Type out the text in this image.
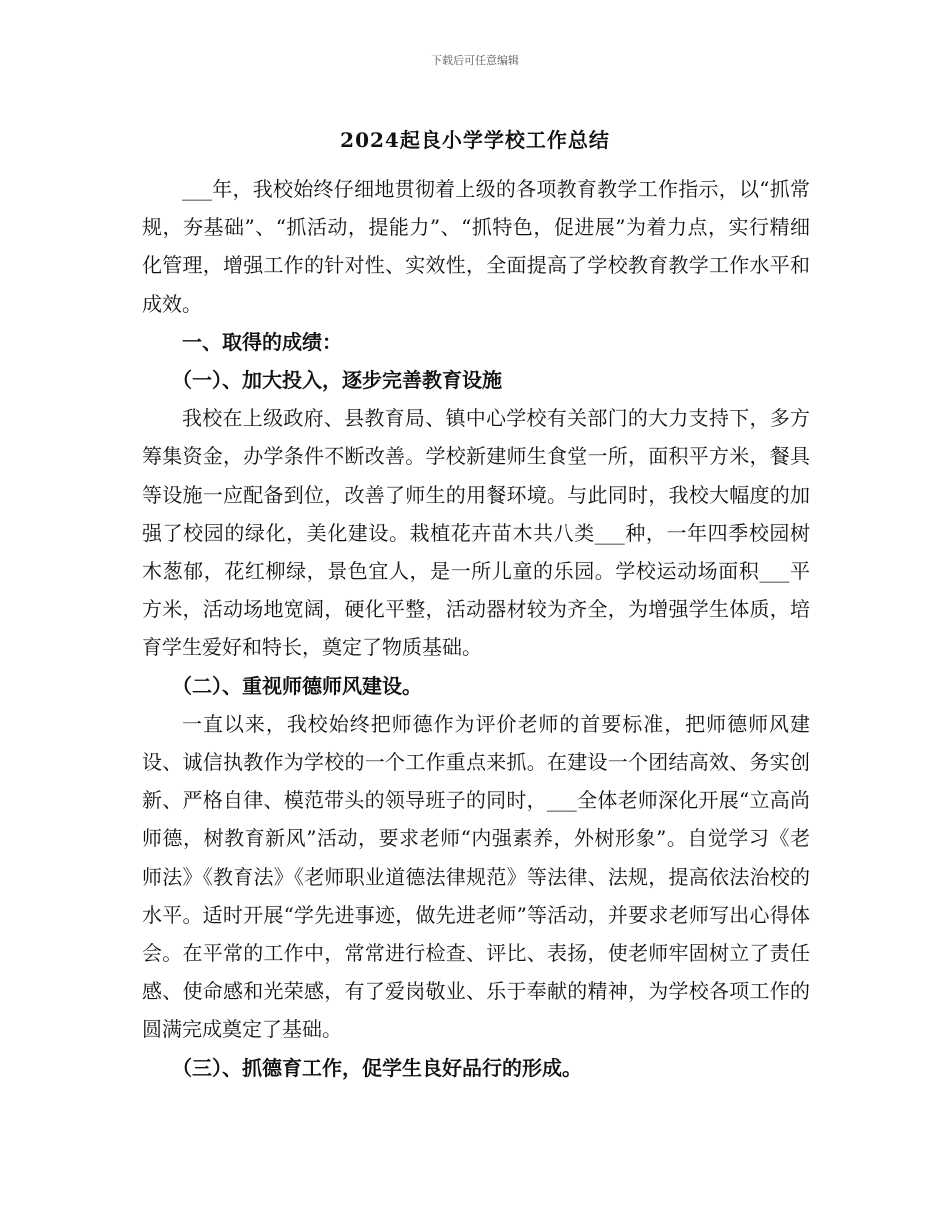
下载后可任意编辑
2024起良小学学校工作总结

___年，我校始终仔细地贯彻着上级的各项教育教学工作指示，以“抓常规，夯基础”、“抓活动，提能力”、“抓特色，促进展”为着力点，实行精细化管理，增强工作的针对性、实效性，全面提高了学校教育教学工作水平和成效。

一、取得的成绩：

（一）、加大投入，逐步完善教育设施

我校在上级政府、县教育局、镇中心学校有关部门的大力支持下，多方筹集资金，办学条件不断改善。学校新建师生食堂一所，面积平方米，餐具等设施一应配备到位，改善了师生的用餐环境。与此同时，我校大幅度的加强了校园的绿化，美化建设。栽植花卉苗木共八类___种，一年四季校园树木葱郁，花红柳绿，景色宜人，是一所儿童的乐园。学校运动场面积___平方米，活动场地宽阔，硬化平整，活动器材较为齐全，为增强学生体质，培育学生爱好和特长，奠定了物质基础。

（二）、重视师德师风建设。

一直以来，我校始终把师德作为评价老师的首要标准，把师德师风建设、诚信执教作为学校的一个工作重点来抓。在建设一个团结高效、务实创新、严格自律、模范带头的领导班子的同时，___全体老师深化开展“立高尚师德，树教育新风”活动，要求老师“内强素养，外树形象”。自觉学习《老师法》《教育法》《老师职业道德法律规范》等法律、法规，提高依法治校的水平。适时开展“学先进事迹，做先进老师”等活动，并要求老师写出心得体会。在平常的工作中，常常进行检查、评比、表扬，使老师牢固树立了责任感、使命感和光荣感，有了爱岗敬业、乐于奉献的精神，为学校各项工作的圆满完成奠定了基础。

（三）、抓德育工作，促学生良好品行的形成。
